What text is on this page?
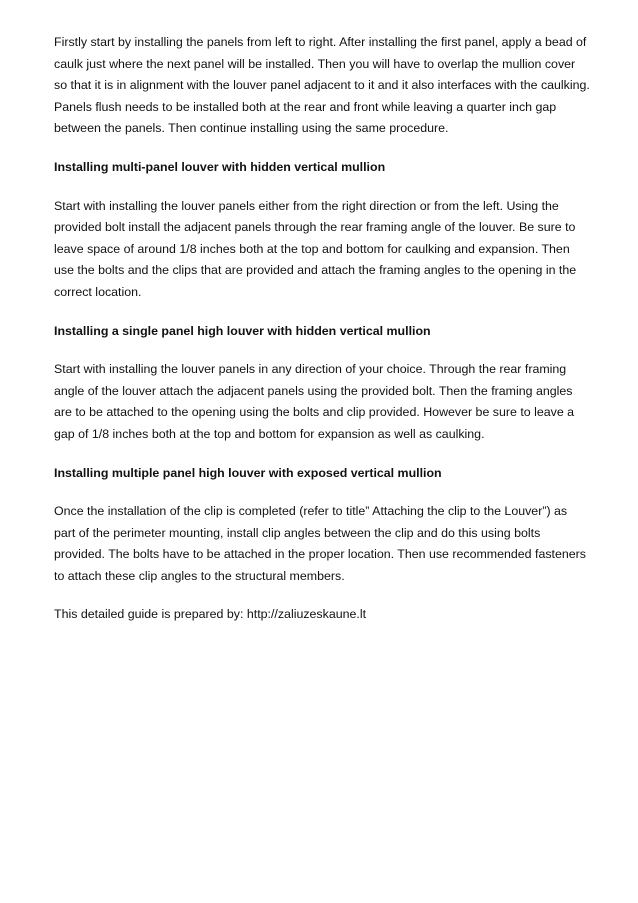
Firstly start by installing the panels from left to right. After installing the first panel, apply a bead of caulk just where the next panel will be installed. Then you will have to overlap the mullion cover so that it is in alignment with the louver panel adjacent to it and it also interfaces with the caulking. Panels flush needs to be installed both at the rear and front while leaving a quarter inch gap between the panels. Then continue installing using the same procedure.

Installing multi-panel louver with hidden vertical mullion

Start with installing the louver panels either from the right direction or from the left. Using the provided bolt install the adjacent panels through the rear framing angle of the louver. Be sure to leave space of around 1/8 inches both at the top and bottom for caulking and expansion. Then use the bolts and the clips that are provided and attach the framing angles to the opening in the correct location.

Installing a single panel high louver with hidden vertical mullion

Start with installing the louver panels in any direction of your choice. Through the rear framing angle of the louver attach the adjacent panels using the provided bolt. Then the framing angles are to be attached to the opening using the bolts and clip provided. However be sure to leave a gap of 1/8 inches both at the top and bottom for expansion as well as caulking.

Installing multiple panel high louver with exposed vertical mullion

Once the installation of the clip is completed (refer to title” Attaching the clip to the Louver”) as part of the perimeter mounting, install clip angles between the clip and do this using bolts provided. The bolts have to be attached in the proper location. Then use recommended fasteners to attach these clip angles to the structural members.

This detailed guide is prepared by: http://zaliuzeskaune.lt
